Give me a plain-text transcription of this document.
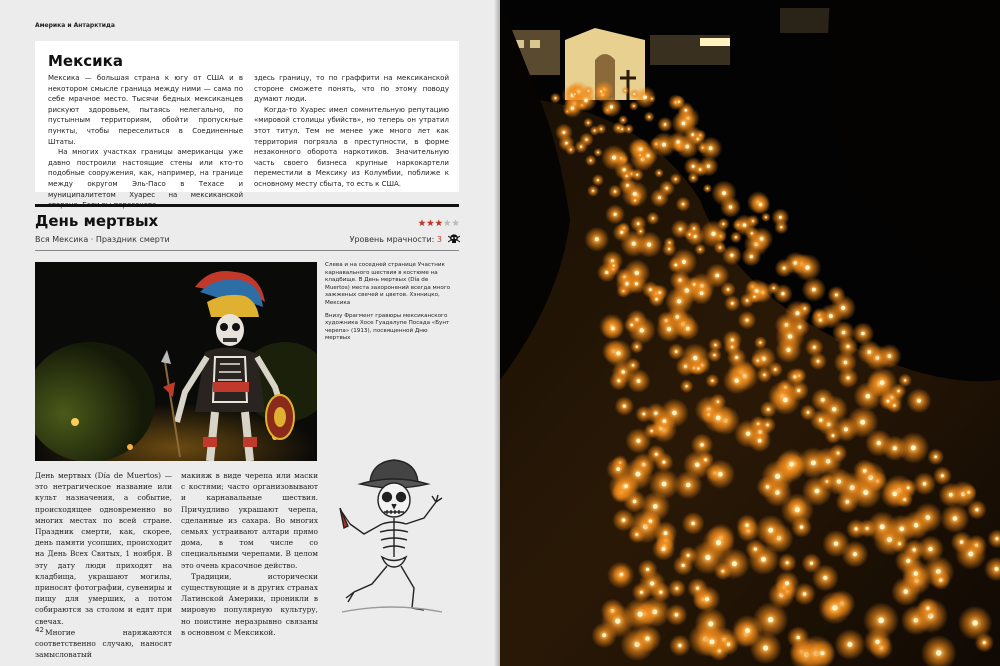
Америка и Антарктида
Мексика

Мексика — большая страна к югу от США и в некотором смысле граница между ними — сама по себе мрачное место. Тысячи бедных мексиканцев рискуют здоровьем, пытаясь нелегально, по пустынным территориям, обойти пропускные пункты, чтобы переселиться в Соединенные Штаты.

На многих участках границы американцы уже давно построили настоящие стены или кто-то подобные сооружения, как, например, на границе между округом Эль-Пасо в Техасе и муниципалитетом Хуарес на мексиканской

здесь границу, то по граффити на мексиканской стороне сможете понять, что по этому поводу думают люди.

Когда-то Хуарес имел сомнительную репутацию «мировой столицы убийств», но теперь он утратил этот титул. Тем не менее уже много лет как территория погрязла в преступности, в форме незаконного оборота наркотиков. Значительную часть своего бизнеса крупные наркокартели переместили в Мексику из Колумбии, поближе к основному месту сбыта, то есть к США.

День мертвых
Вся Мексика · Праздник смерти	Уровень мрачности: 3

Слева и на соседней странице Участник карнавального шествия в костюме на кладбище. В День мертвых (Día de Muertos) места захоронений всегда много зажженых свечей и цветов. Хэнницко, Мексика

Внизу Фрагмент гравюры мексиканского художника Хосе Гуадалупе Посада «Бунт черепа» (1913), посвященной Дню мертвых

День мертвых (Día de Muertos) — это нетрагическое название или культ назначения, а событие, происходящее одновременно во многих местах по всей стране. Праздник смерти, как, скорее, день памяти усопших, происходит на День Всех Святых, 1 ноября. В эту дату люди приходят на кладбища, украшают могилы, приносят фотографии, сувениры и пищу для умерших, а потом собираются за столом и едят при свечах.

Многие наряжаются соответственно случаю, наносят замысловатый

макияж в виде черепа или маски с костями; часто организовывают и карнавальные шествия. Причудливо украшают черепа, сделанные из сахара. Во многих семьях устраивают алтари прямо дома, в том числе со специальными черепами. В целом это очень красочное действо.

Традиции, исторически существующие и в других странах Латинской Америки, проникли в мировую популярную культуру, но поистине неразрывно связаны в основном с Мексикой.

42
